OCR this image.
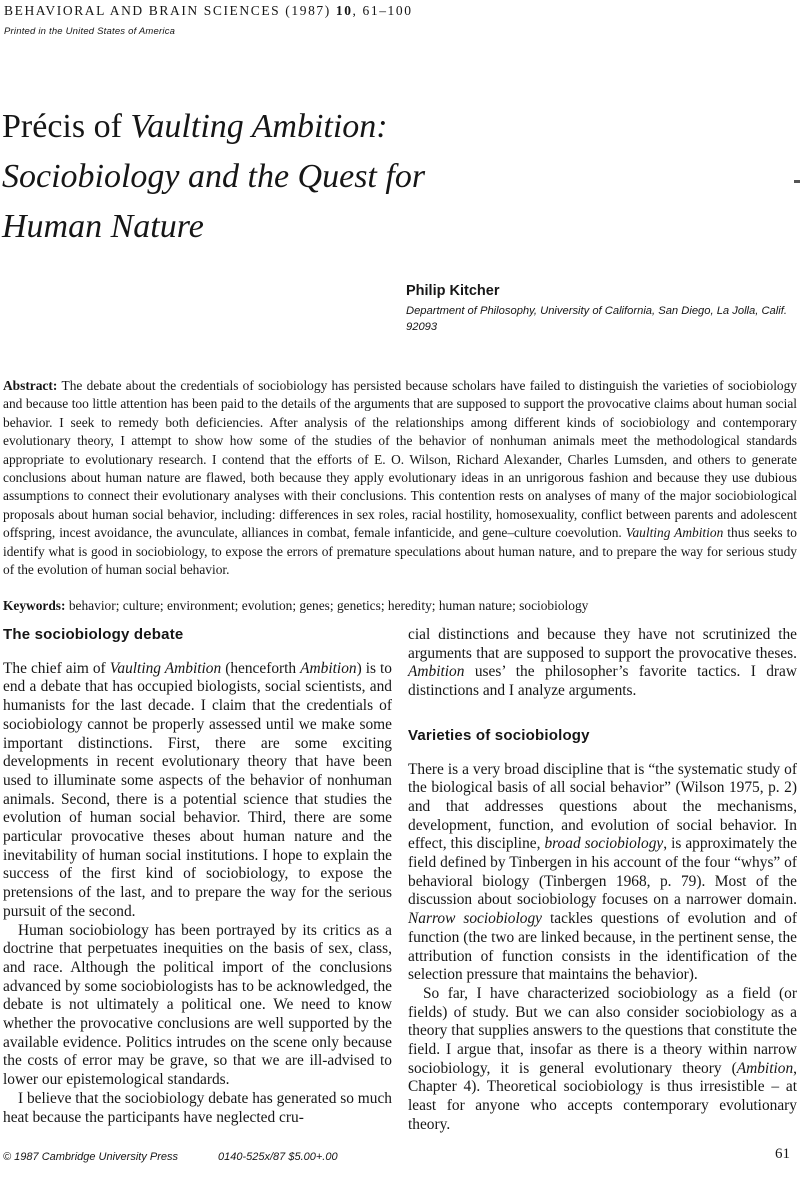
BEHAVIORAL AND BRAIN SCIENCES (1987) 10, 61–100
Printed in the United States of America
Précis of Vaulting Ambition: Sociobiology and the Quest for Human Nature
Philip Kitcher
Department of Philosophy, University of California, San Diego, La Jolla, Calif. 92093

Abstract: The debate about the credentials of sociobiology has persisted because scholars have failed to distinguish the varieties of sociobiology and because too little attention has been paid to the details of the arguments that are supposed to support the provocative claims about human social behavior. I seek to remedy both deficiencies. After analysis of the relationships among different kinds of sociobiology and contemporary evolutionary theory, I attempt to show how some of the studies of the behavior of nonhuman animals meet the methodological standards appropriate to evolutionary research. I contend that the efforts of E. O. Wilson, Richard Alexander, Charles Lumsden, and others to generate conclusions about human nature are flawed, both because they apply evolutionary ideas in an unrigorous fashion and because they use dubious assumptions to connect their evolutionary analyses with their conclusions. This contention rests on analyses of many of the major sociobiological proposals about human social behavior, including: differences in sex roles, racial hostility, homosexuality, conflict between parents and adolescent offspring, incest avoidance, the avunculate, alliances in combat, female infanticide, and gene–culture coevolution. Vaulting Ambition thus seeks to identify what is good in sociobiology, to expose the errors of premature speculations about human nature, and to prepare the way for serious study of the evolution of human social behavior.

Keywords: behavior; culture; environment; evolution; genes; genetics; heredity; human nature; sociobiology

The sociobiology debate

The chief aim of Vaulting Ambition (henceforth Ambition) is to end a debate that has occupied biologists, social scientists, and humanists for the last decade. I claim that the credentials of sociobiology cannot be properly assessed until we make some important distinctions. First, there are some exciting developments in recent evolutionary theory that have been used to illuminate some aspects of the behavior of nonhuman animals. Second, there is a potential science that studies the evolution of human social behavior. Third, there are some particular provocative theses about human nature and the inevitability of human social institutions. I hope to explain the success of the first kind of sociobiology, to expose the pretensions of the last, and to prepare the way for the serious pursuit of the second.

Human sociobiology has been portrayed by its critics as a doctrine that perpetuates inequities on the basis of sex, class, and race. Although the political import of the conclusions advanced by some sociobiologists has to be acknowledged, the debate is not ultimately a political one. We need to know whether the provocative conclusions are well supported by the available evidence. Politics intrudes on the scene only because the costs of error may be grave, so that we are ill-advised to lower our epistemological standards.

I believe that the sociobiology debate has generated so much heat because the participants have neglected cru-

cial distinctions and because they have not scrutinized the arguments that are supposed to support the provocative theses. Ambition uses’ the philosopher’s favorite tactics. I draw distinctions and I analyze arguments.

Varieties of sociobiology

There is a very broad discipline that is “the systematic study of the biological basis of all social behavior” (Wilson 1975, p. 2) and that addresses questions about the mechanisms, development, function, and evolution of social behavior. In effect, this discipline, broad sociobiology, is approximately the field defined by Tinbergen in his account of the four “whys” of behavioral biology (Tinbergen 1968, p. 79). Most of the discussion about sociobiology focuses on a narrower domain. Narrow sociobiology tackles questions of evolution and of function (the two are linked because, in the pertinent sense, the attribution of function consists in the identification of the selection pressure that maintains the behavior).

So far, I have characterized sociobiology as a field (or fields) of study. But we can also consider sociobiology as a theory that supplies answers to the questions that constitute the field. I argue that, insofar as there is a theory within narrow sociobiology, it is general evolutionary theory (Ambition, Chapter 4). Theoretical sociobiology is thus irresistible – at least for anyone who accepts contemporary evolutionary theory.

© 1987 Cambridge University Press	0140-525x/87 $5.00+.00	61
